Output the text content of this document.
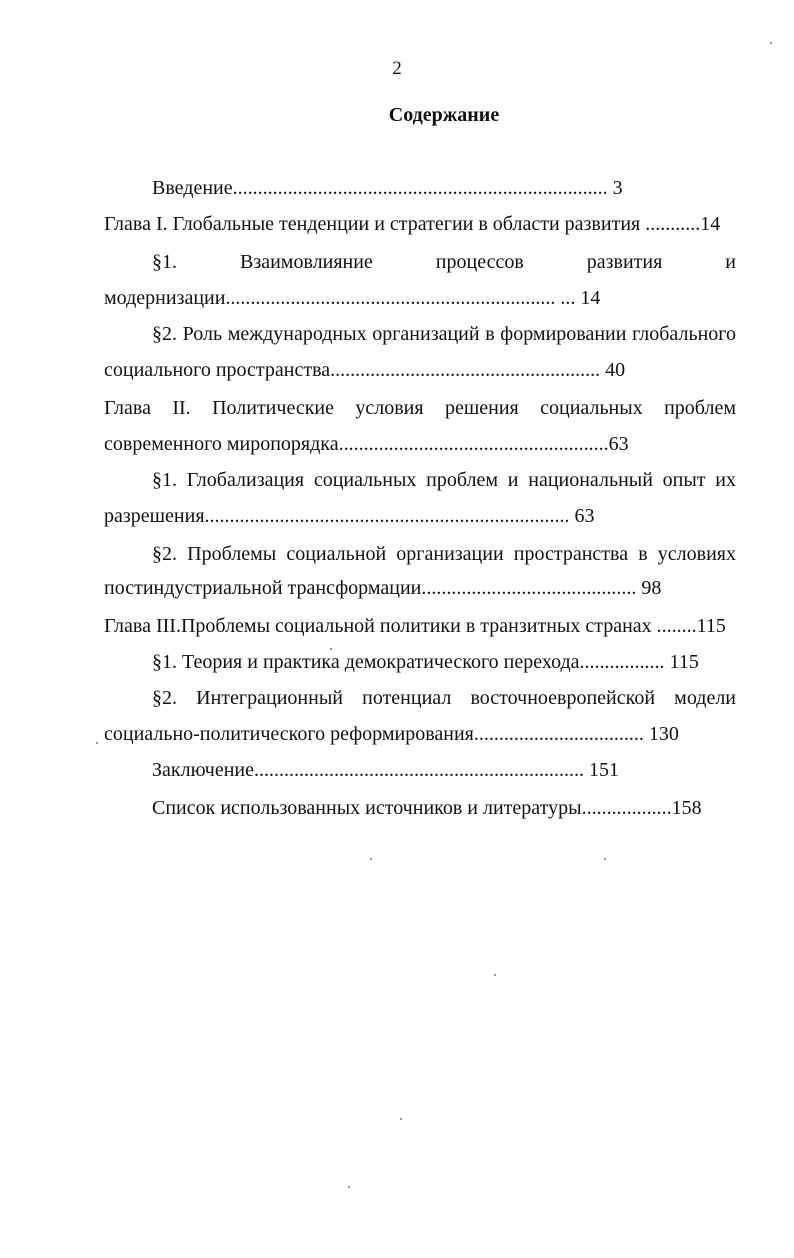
2
Содержание
Введение........................................................................... 3
Глава I. Глобальные тенденции и стратегии в области развития ...........14
§1. Взаимовлияние процессов развития и
модернизации.................................................................. ... 14
§2. Роль международных организаций в формировании глобального
социального пространства...................................................... 40
Глава II. Политические условия решения социальных проблем
современного миропорядка......................................................63
§1. Глобализация социальных проблем и национальный опыт их
разрешения......................................................................... 63
§2. Проблемы социальной организации пространства в условиях
постиндустриальной трансформации........................................... 98
Глава III.Проблемы социальной политики в транзитных странах ........115
§1. Теория и практика демократического перехода................. 115
§2. Интеграционный потенциал восточноевропейской модели
социально-политического реформирования.................................. 130
Заключение.................................................................. 151
Список использованных источников и литературы..................158
